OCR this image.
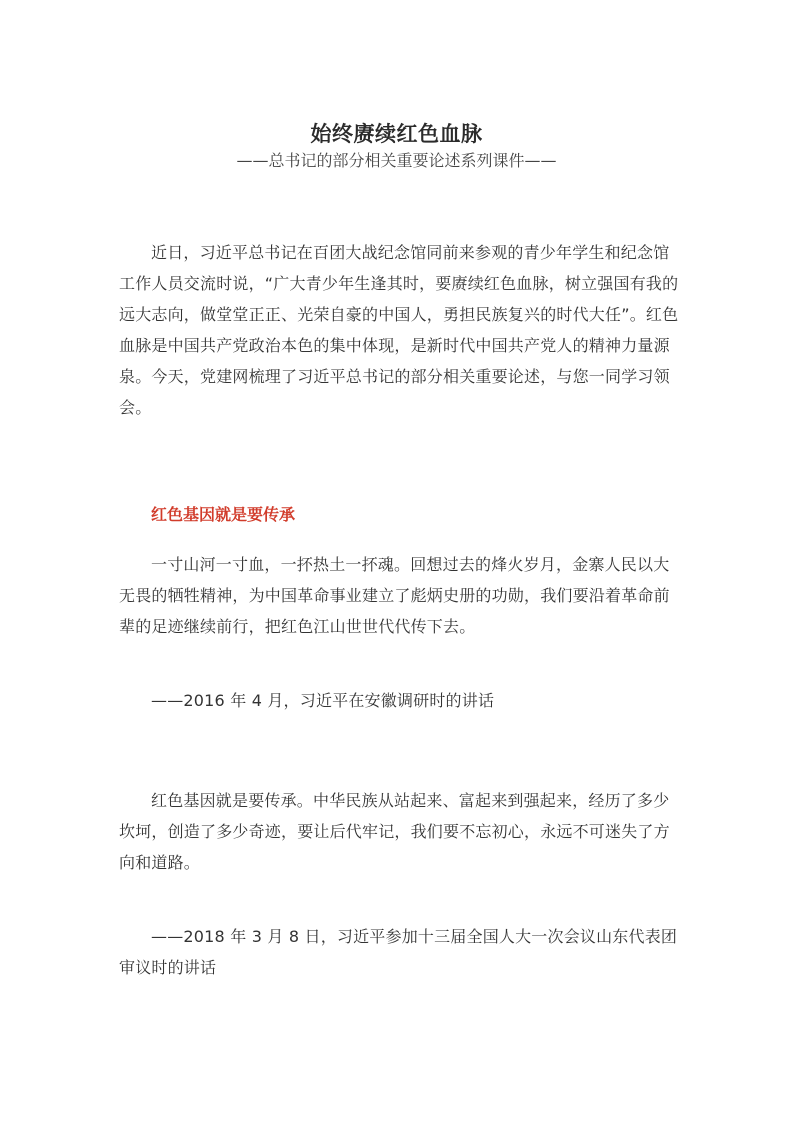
始终赓续红色血脉
——总书记的部分相关重要论述系列课件——

近日，习近平总书记在百团大战纪念馆同前来参观的青少年学生和纪念馆工作人员交流时说，“广大青少年生逢其时，要赓续红色血脉，树立强国有我的远大志向，做堂堂正正、光荣自豪的中国人，勇担民族复兴的时代大任”。红色血脉是中国共产党政治本色的集中体现，是新时代中国共产党人的精神力量源泉。今天，党建网梳理了习近平总书记的部分相关重要论述，与您一同学习领会。

红色基因就是要传承

一寸山河一寸血，一抔热土一抔魂。回想过去的烽火岁月，金寨人民以大无畏的牺牲精神，为中国革命事业建立了彪炳史册的功勋，我们要沿着革命前辈的足迹继续前行，把红色江山世世代代传下去。

——2016 年 4 月，习近平在安徽调研时的讲话

红色基因就是要传承。中华民族从站起来、富起来到强起来，经历了多少坎坷，创造了多少奇迹，要让后代牢记，我们要不忘初心，永远不可迷失了方向和道路。

——2018 年 3 月 8 日，习近平参加十三届全国人大一次会议山东代表团审议时的讲话
